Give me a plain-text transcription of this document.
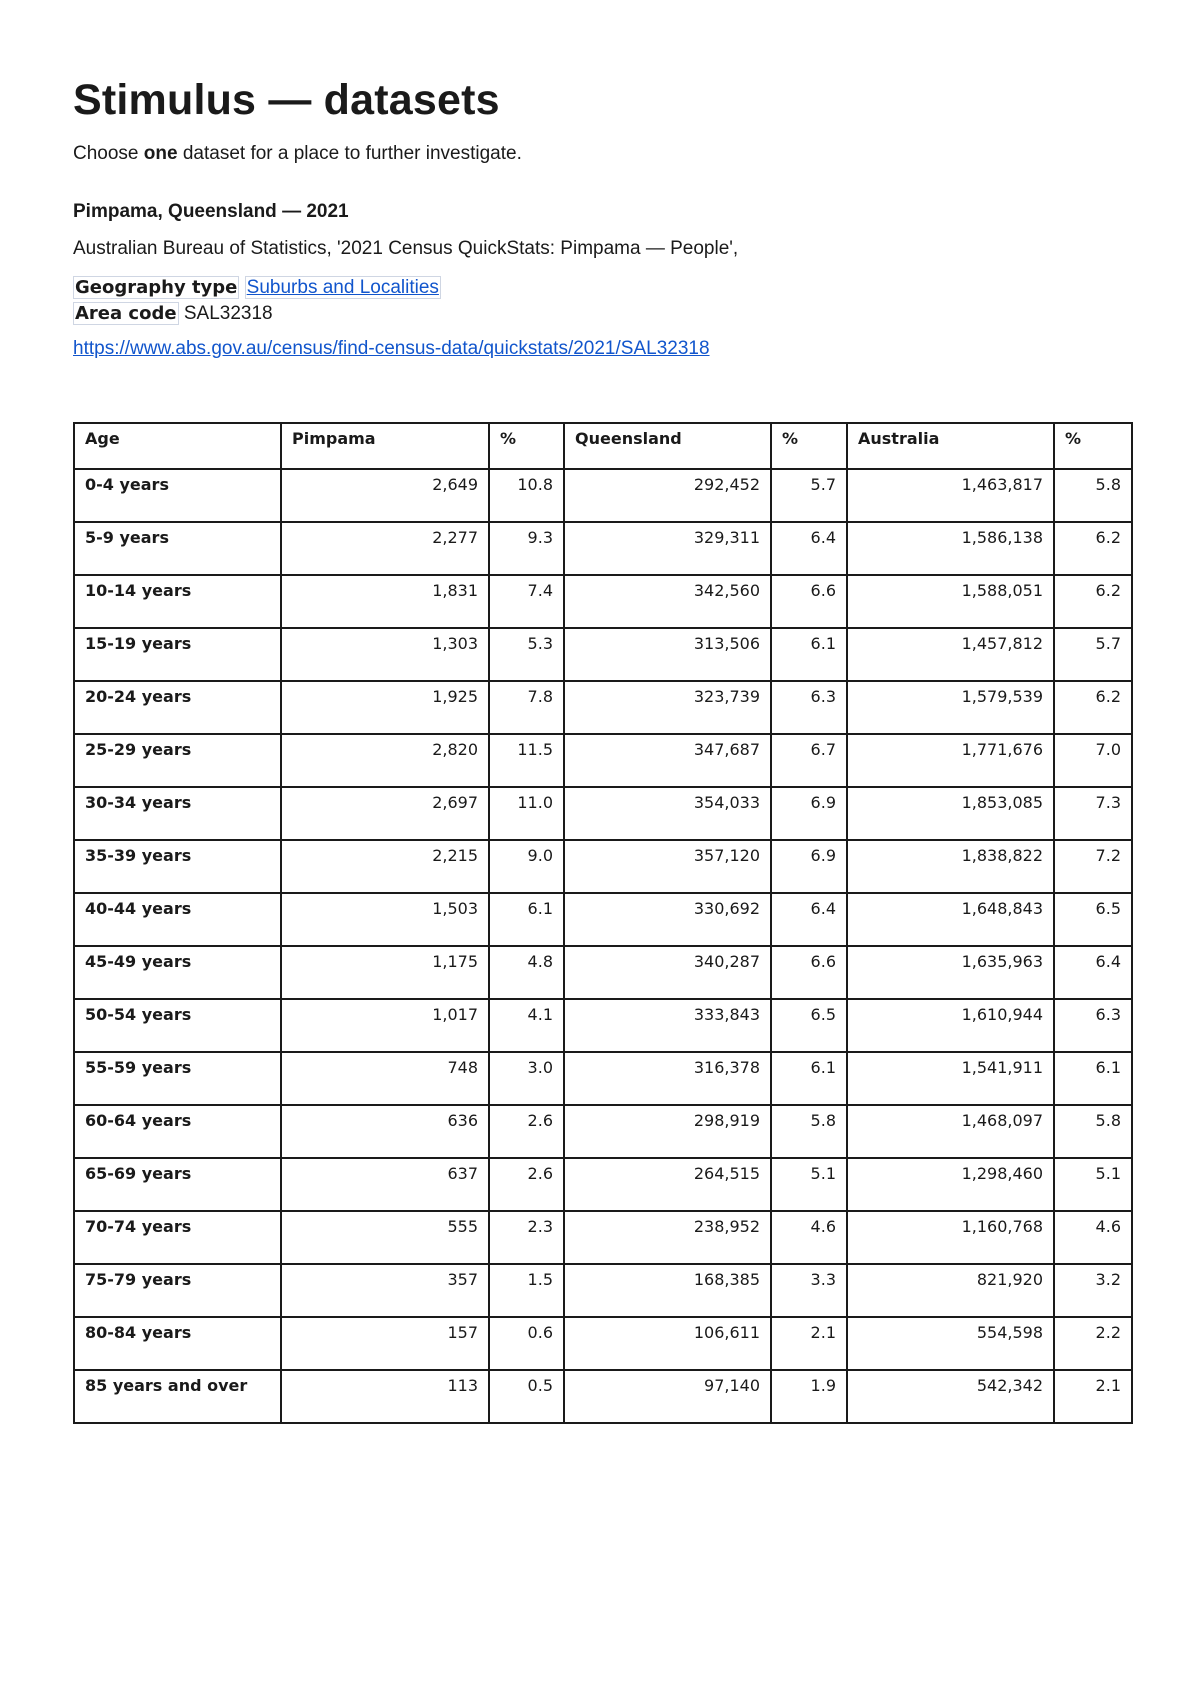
Stimulus — datasets
Choose one dataset for a place to further investigate.
Pimpama, Queensland — 2021
Australian Bureau of Statistics, '2021 Census QuickStats: Pimpama — People',
Geography type Suburbs and Localities
Area code SAL32318
https://www.abs.gov.au/census/find-census-data/quickstats/2021/SAL32318
Age	Pimpama	%	Queensland	%	Australia	%
0-4 years	2,649	10.8	292,452	5.7	1,463,817	5.8
5-9 years	2,277	9.3	329,311	6.4	1,586,138	6.2
10-14 years	1,831	7.4	342,560	6.6	1,588,051	6.2
15-19 years	1,303	5.3	313,506	6.1	1,457,812	5.7
20-24 years	1,925	7.8	323,739	6.3	1,579,539	6.2
25-29 years	2,820	11.5	347,687	6.7	1,771,676	7.0
30-34 years	2,697	11.0	354,033	6.9	1,853,085	7.3
35-39 years	2,215	9.0	357,120	6.9	1,838,822	7.2
40-44 years	1,503	6.1	330,692	6.4	1,648,843	6.5
45-49 years	1,175	4.8	340,287	6.6	1,635,963	6.4
50-54 years	1,017	4.1	333,843	6.5	1,610,944	6.3
55-59 years	748	3.0	316,378	6.1	1,541,911	6.1
60-64 years	636	2.6	298,919	5.8	1,468,097	5.8
65-69 years	637	2.6	264,515	5.1	1,298,460	5.1
70-74 years	555	2.3	238,952	4.6	1,160,768	4.6
75-79 years	357	1.5	168,385	3.3	821,920	3.2
80-84 years	157	0.6	106,611	2.1	554,598	2.2
85 years and over	113	0.5	97,140	1.9	542,342	2.1
